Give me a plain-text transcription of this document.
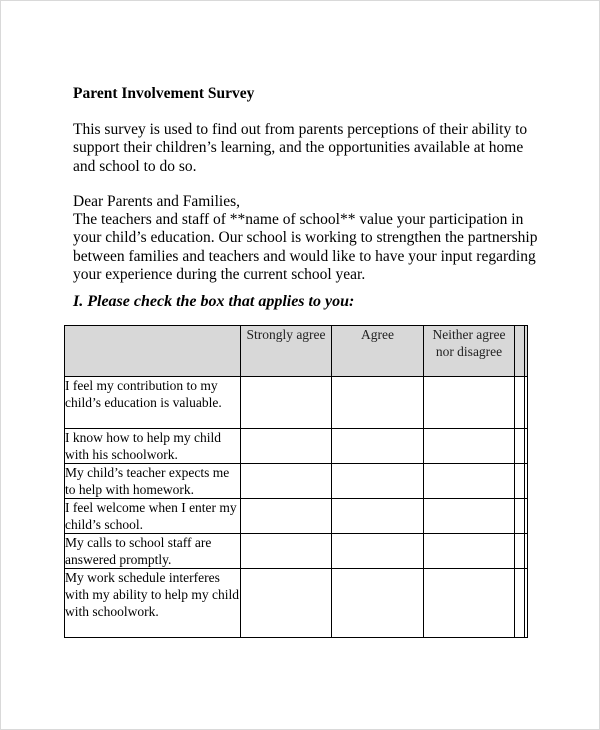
Parent Involvement Survey

This survey is used to find out from parents perceptions of their ability to support their children’s learning, and the opportunities available at home and school to do so.

Dear Parents and Families,
The teachers and staff of **name of school** value your participation in your child’s education. Our school is working to strengthen the partnership between families and teachers and would like to have your input regarding your experience during the current school year.

I. Please check the box that applies to you:

	Strongly agree	Agree	Neither agree nor disagree		
I feel my contribution to my child’s education is valuable.					
I know how to help my child with his schoolwork.					
My child’s teacher expects me to help with homework.					
I feel welcome when I enter my child’s school.					
My calls to school staff are answered promptly.					
My work schedule interferes with my ability to help my child with schoolwork.					
